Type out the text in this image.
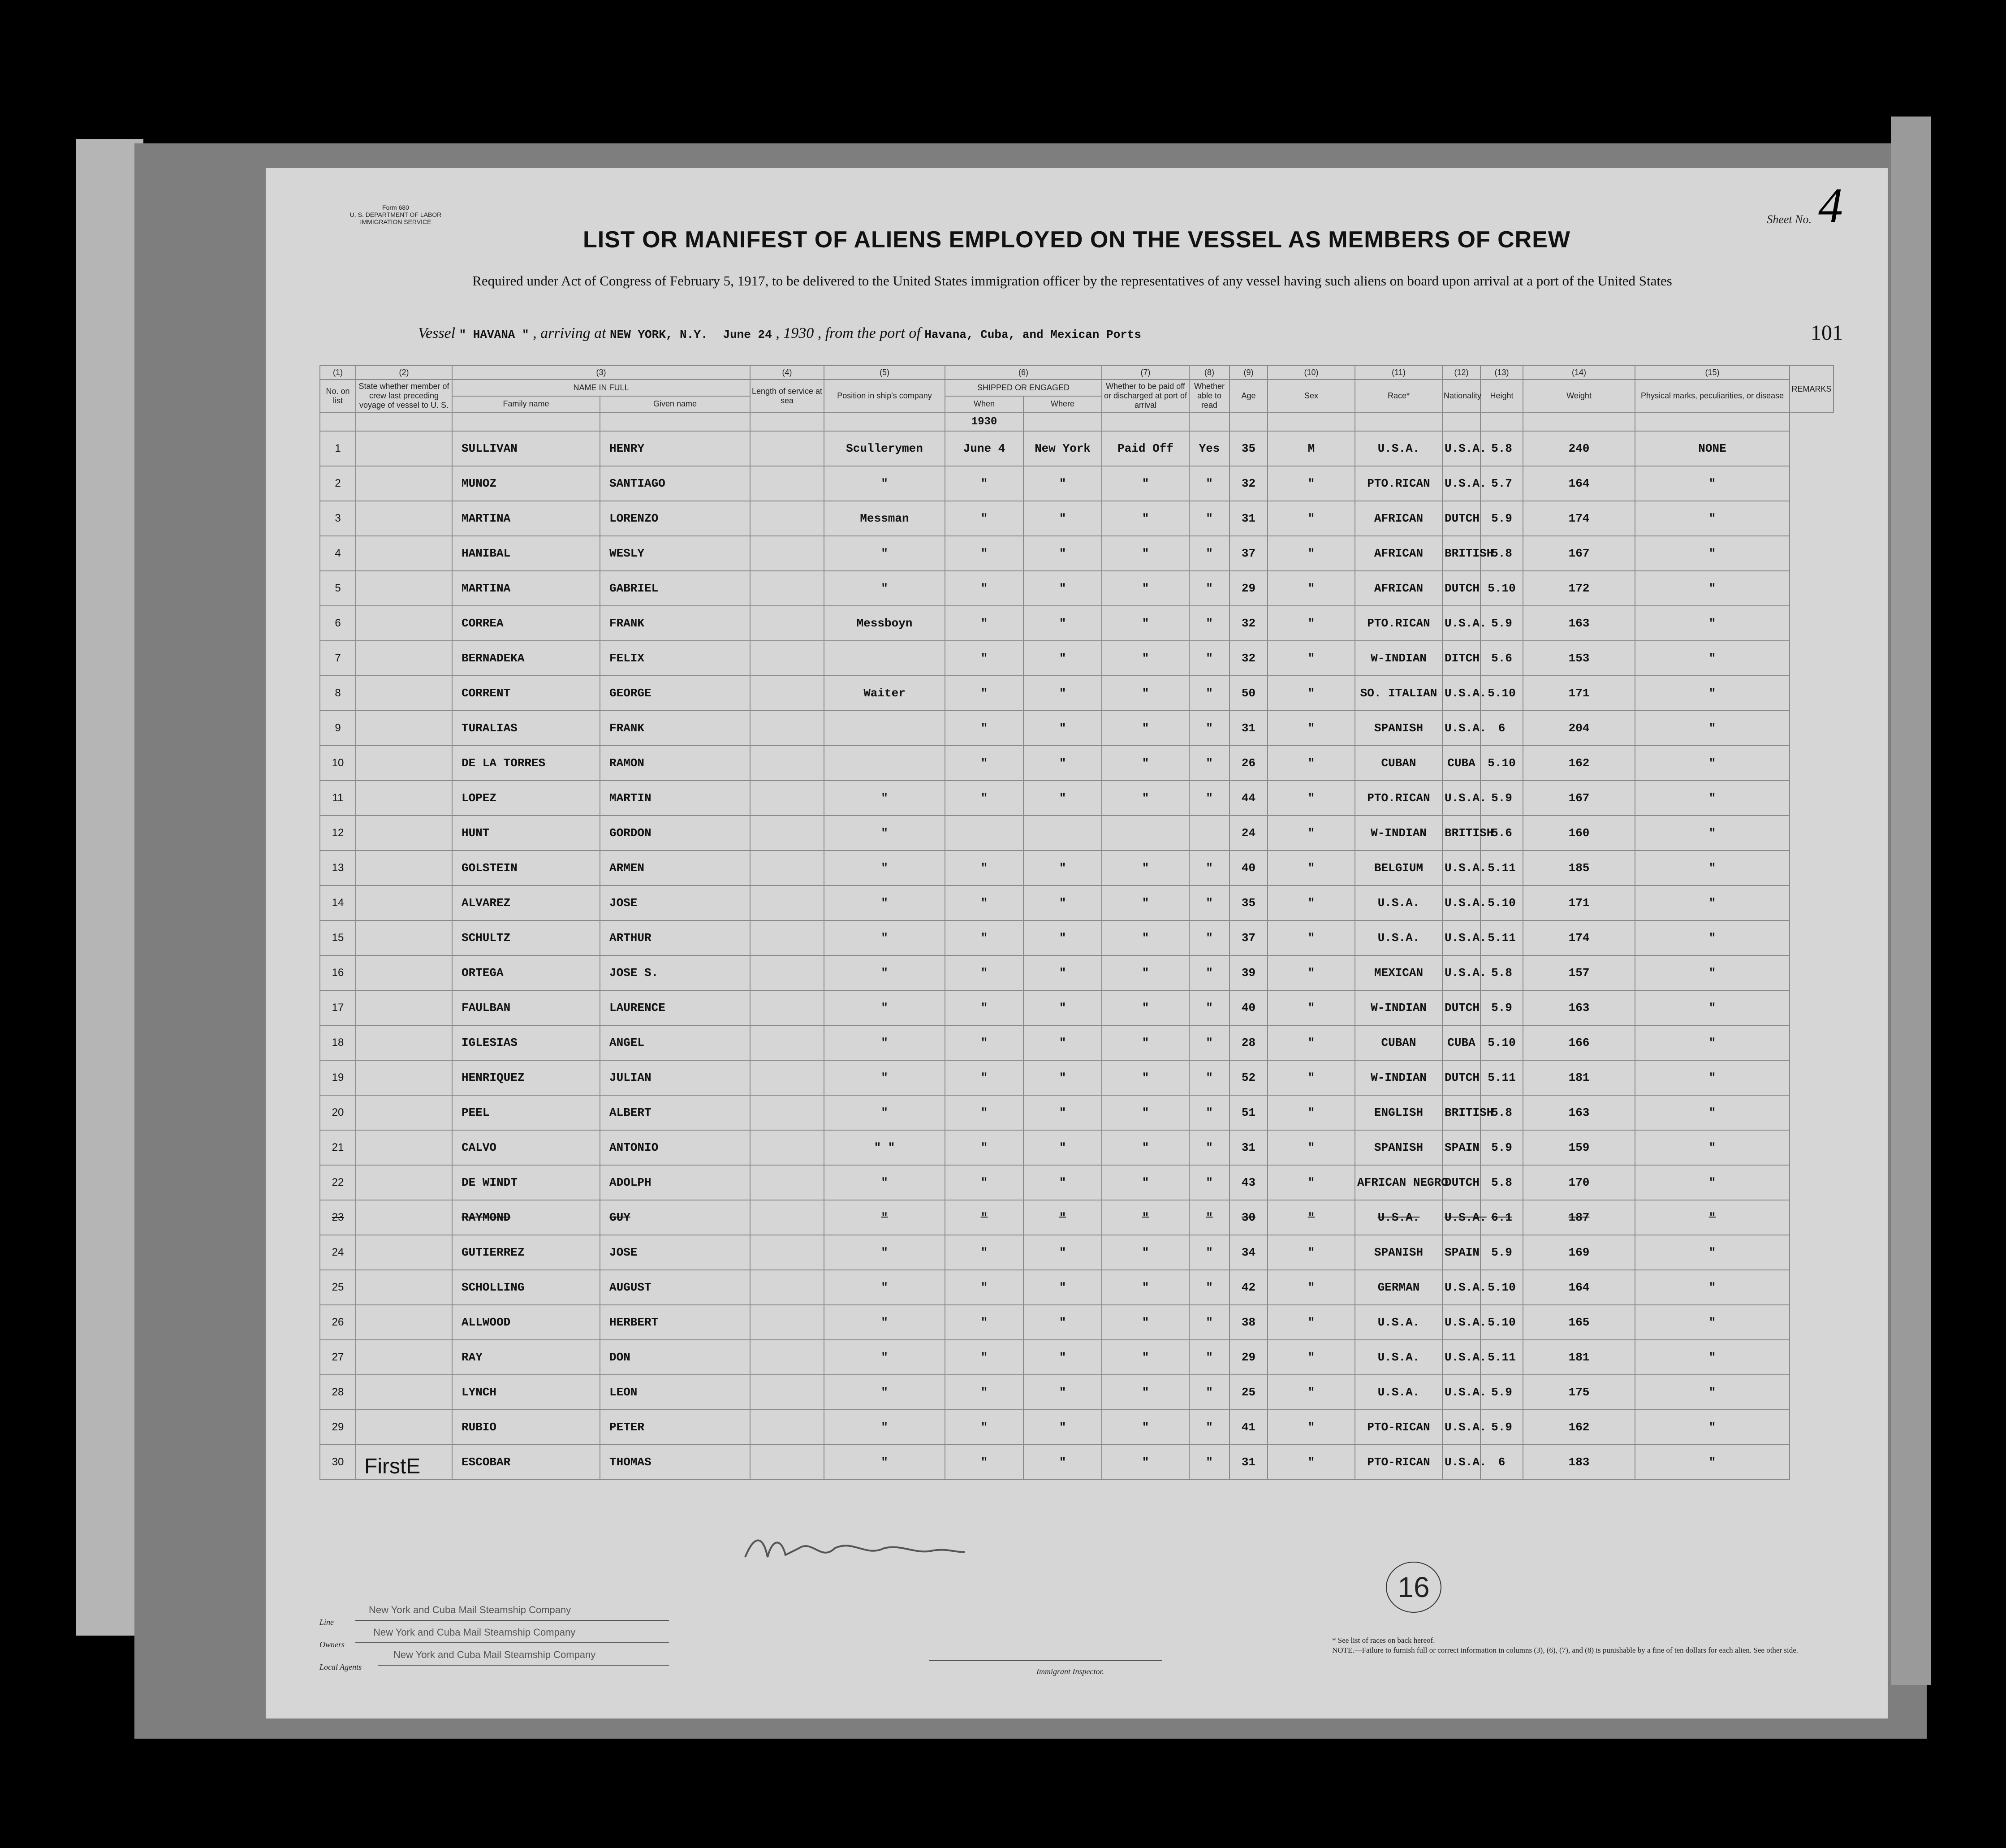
Form 680
U. S. DEPARTMENT OF LABOR
IMMIGRATION SERVICE	Sheet No. 4
LIST OR MANIFEST OF ALIENS EMPLOYED ON THE VESSEL AS MEMBERS OF CREW
Required under Act of Congress of February 5, 1917, to be delivered to the United States immigration officer by the representatives of any vessel having such aliens on board upon arrival at a port of the United States
Vessel " HAVANA " , arriving at NEW YORK, N.Y. June 24 , 1930 , from the port of Havana, Cuba, and Mexican Ports	101
(1)	(2)	(3)		(4)	(5)	(6)		(7)	(8)	(9)	(10)	(11)	(12)	(13)	(14)	(15)	REMARKS
No. on list	State whether member of crew last preceding voyage of vessel to U. S.	NAME IN FULL		Length of service at sea	Position in ship's company	SHIPPED OR ENGAGED		Whether to be paid off or discharged at port of arrival	Whether able to read	Age	Sex	Race*	Nationality	Height	Weight	Physical marks, peculiarities, or disease	
		Family name	Given name			When	Where										
						1930											
1		SULLIVAN	HENRY		Scullerymen	June 4	New York	Paid Off	Yes	35	M	U.S.A.	U.S.A.	5.8	240	NONE	
2		MUNOZ	SANTIAGO		"	"	"	"	"	32	"	PTO.RICAN	U.S.A.	5.7	164	"	
3		MARTINA	LORENZO		Messman	"	"	"	"	31	"	AFRICAN	DUTCH	5.9	174	"	
4		HANIBAL	WESLY		"	"	"	"	"	37	"	AFRICAN	BRITISH	5.8	167	"	
5		MARTINA	GABRIEL		"	"	"	"	"	29	"	AFRICAN	DUTCH	5.10	172	"	
6		CORREA	FRANK		Messboyn	"	"	"	"	32	"	PTO.RICAN	U.S.A.	5.9	163	"	
7		BERNADEKA	FELIX			"	"	"	"	32	"	W-INDIAN	DITCH	5.6	153	"	
8		CORRENT	GEORGE		Waiter	"	"	"	"	50	"	SO. ITALIAN	U.S.A.	5.10	171	"	
9		TURALIAS	FRANK			"	"	"	"	31	"	SPANISH	U.S.A.	6	204	"	
10		DE LA TORRES	RAMON			"	"	"	"	26	"	CUBAN	CUBA	5.10	162	"	
11		LOPEZ	MARTIN		"	"	"	"	"	44	"	PTO.RICAN	U.S.A.	5.9	167	"	
12		HUNT	GORDON		"					24	"	W-INDIAN	BRITISH	5.6	160	"	
13		GOLSTEIN	ARMEN		"	"	"	"	"	40	"	BELGIUM	U.S.A.	5.11	185	"	
14		ALVAREZ	JOSE		"	"	"	"	"	35	"	U.S.A.	U.S.A.	5.10	171	"	
15		SCHULTZ	ARTHUR		"	"	"	"	"	37	"	U.S.A.	U.S.A.	5.11	174	"	
16		ORTEGA	JOSE S.		"	"	"	"	"	39	"	MEXICAN	U.S.A.	5.8	157	"	
17		FAULBAN	LAURENCE		"	"	"	"	"	40	"	W-INDIAN	DUTCH	5.9	163	"	
18		IGLESIAS	ANGEL		"	"	"	"	"	28	"	CUBAN	CUBA	5.10	166	"	
19		HENRIQUEZ	JULIAN		"	"	"	"	"	52	"	W-INDIAN	DUTCH	5.11	181	"	
20		PEEL	ALBERT		"	"	"	"	"	51	"	ENGLISH	BRITISH	5.8	163	"	
21		CALVO	ANTONIO		" "	"	"	"	"	31	"	SPANISH	SPAIN	5.9	159	"	
22		DE WINDT	ADOLPH		"	"	"	"	"	43	"	AFRICAN NEGRO	DUTCH	5.8	170	"	
23		RAYMOND	GUY		"	"	"	"	"	30	"	U.S.A.	U.S.A.	6.1	187	"	
24		GUTIERREZ	JOSE		"	"	"	"	"	34	"	SPANISH	SPAIN	5.9	169	"	
25		SCHOLLING	AUGUST		"	"	"	"	"	42	"	GERMAN	U.S.A.	5.10	164	"	
26		ALLWOOD	HERBERT		"	"	"	"	"	38	"	U.S.A.	U.S.A.	5.10	165	"	
27		RAY	DON		"	"	"	"	"	29	"	U.S.A.	U.S.A.	5.11	181	"	
28		LYNCH	LEON		"	"	"	"	"	25	"	U.S.A.	U.S.A.	5.9	175	"	
29		RUBIO	PETER		"	"	"	"	"	41	"	PTO-RICAN	U.S.A.	5.9	162	"	
30		ESCOBAR	THOMAS		"	"	"	"	"	31	"	PTO-RICAN	U.S.A.	6	183	"	
FirstE
16
Line
New York and Cuba Mail Steamship Company
Owners
New York and Cuba Mail Steamship Company
Local Agents
New York and Cuba Mail Steamship Company
Immigrant Inspector.
* See list of races on back hereof.
NOTE.—Failure to furnish full or correct information in columns (3), (6), (7), and (8) is punishable by a fine of ten dollars for each alien. See other side.
